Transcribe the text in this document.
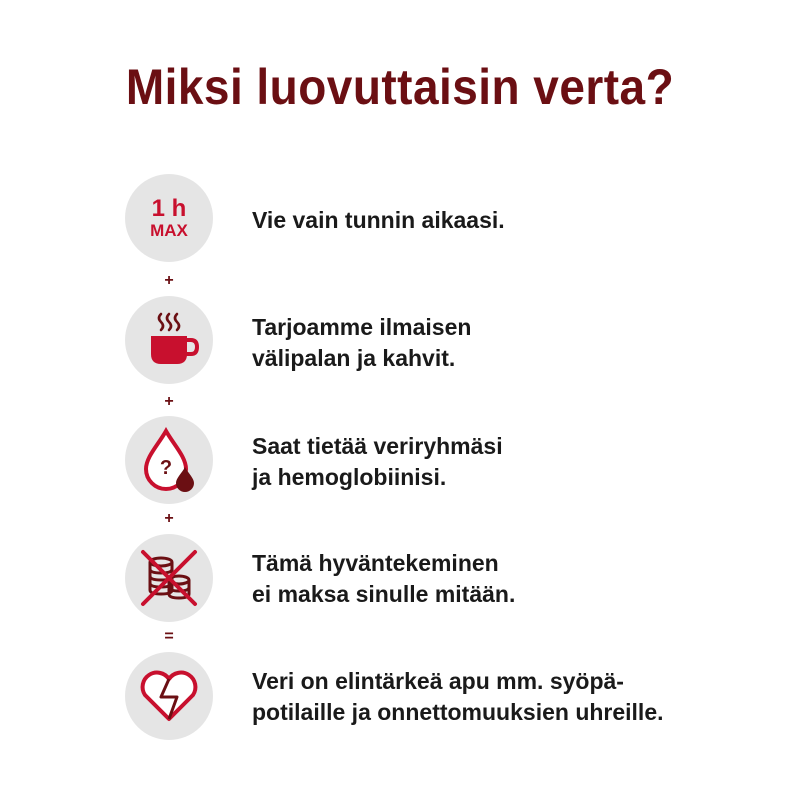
Miksi luovuttaisin verta?
1 h
MAX	Vie vain tunnin aikaasi.
+
Tarjoamme ilmaisen
välipalan ja kahvit.
+
?
Saat tietää veriryhmäsi
ja hemoglobiinisi.
+
Tämä hyväntekeminen
ei maksa sinulle mitään.
=
Veri on elintärkeä apu mm. syöpä-
potilaille ja onnettomuuksien uhreille.
